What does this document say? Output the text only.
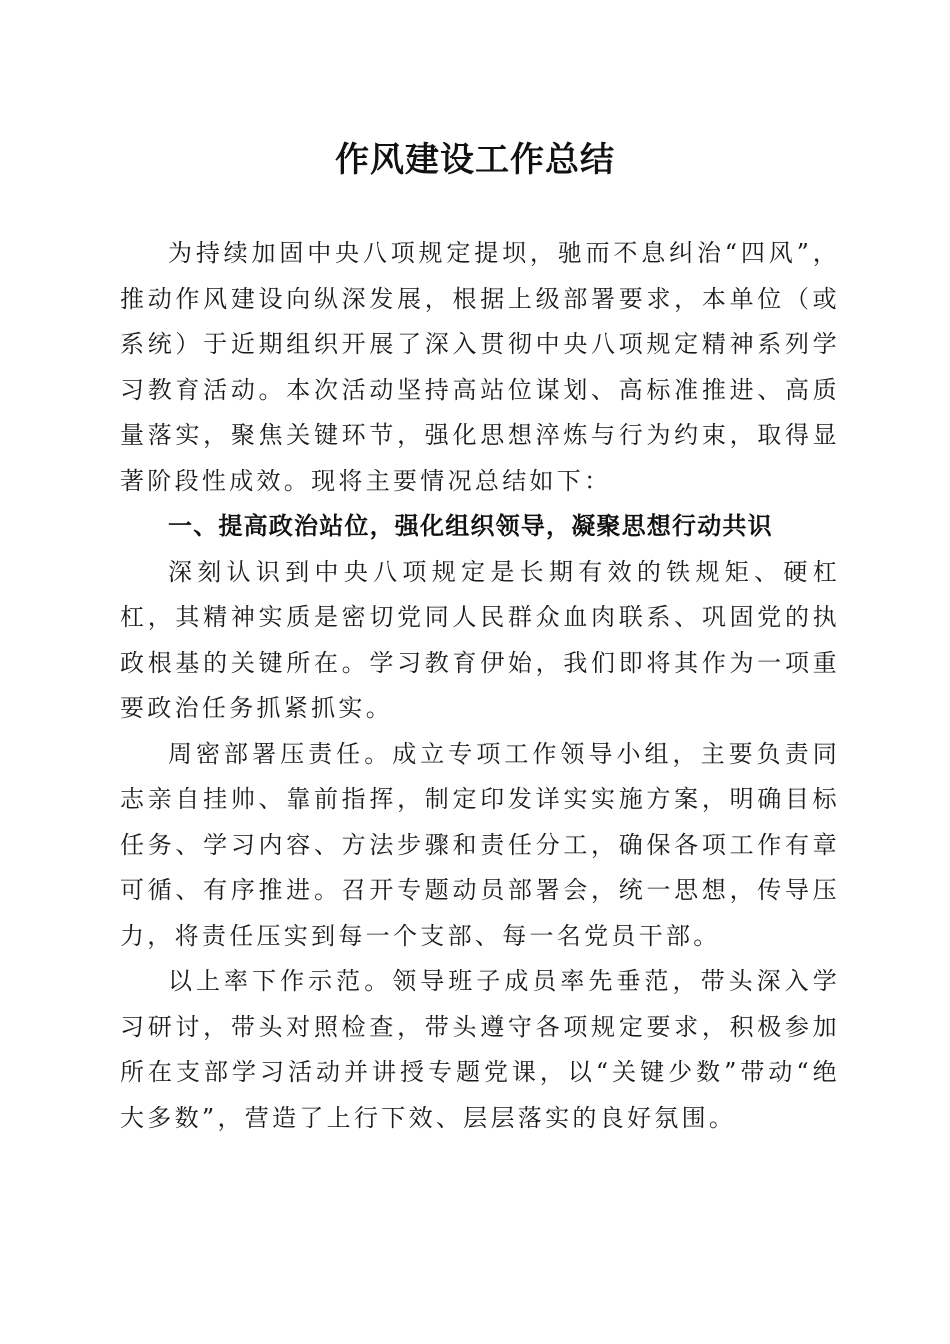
作风建设工作总结

为持续加固中央八项规定提坝，驰而不息纠治“四风”，推动作风建设向纵深发展，根据上级部署要求，本单位（或系统）于近期组织开展了深入贯彻中央八项规定精神系列学习教育活动。本次活动坚持高站位谋划、高标准推进、高质量落实，聚焦关键环节，强化思想淬炼与行为约束，取得显著阶段性成效。现将主要情况总结如下：

一、提高政治站位，强化组织领导，凝聚思想行动共识

深刻认识到中央八项规定是长期有效的铁规矩、硬杠杠，其精神实质是密切党同人民群众血肉联系、巩固党的执政根基的关键所在。学习教育伊始，我们即将其作为一项重要政治任务抓紧抓实。

周密部署压责任。成立专项工作领导小组，主要负责同志亲自挂帅、靠前指挥，制定印发详实实施方案，明确目标任务、学习内容、方法步骤和责任分工，确保各项工作有章可循、有序推进。召开专题动员部署会，统一思想，传导压力，将责任压实到每一个支部、每一名党员干部。

以上率下作示范。领导班子成员率先垂范，带头深入学习研讨，带头对照检查，带头遵守各项规定要求，积极参加所在支部学习活动并讲授专题党课，以“关键少数”带动“绝大多数”，营造了上行下效、层层落实的良好氛围。
